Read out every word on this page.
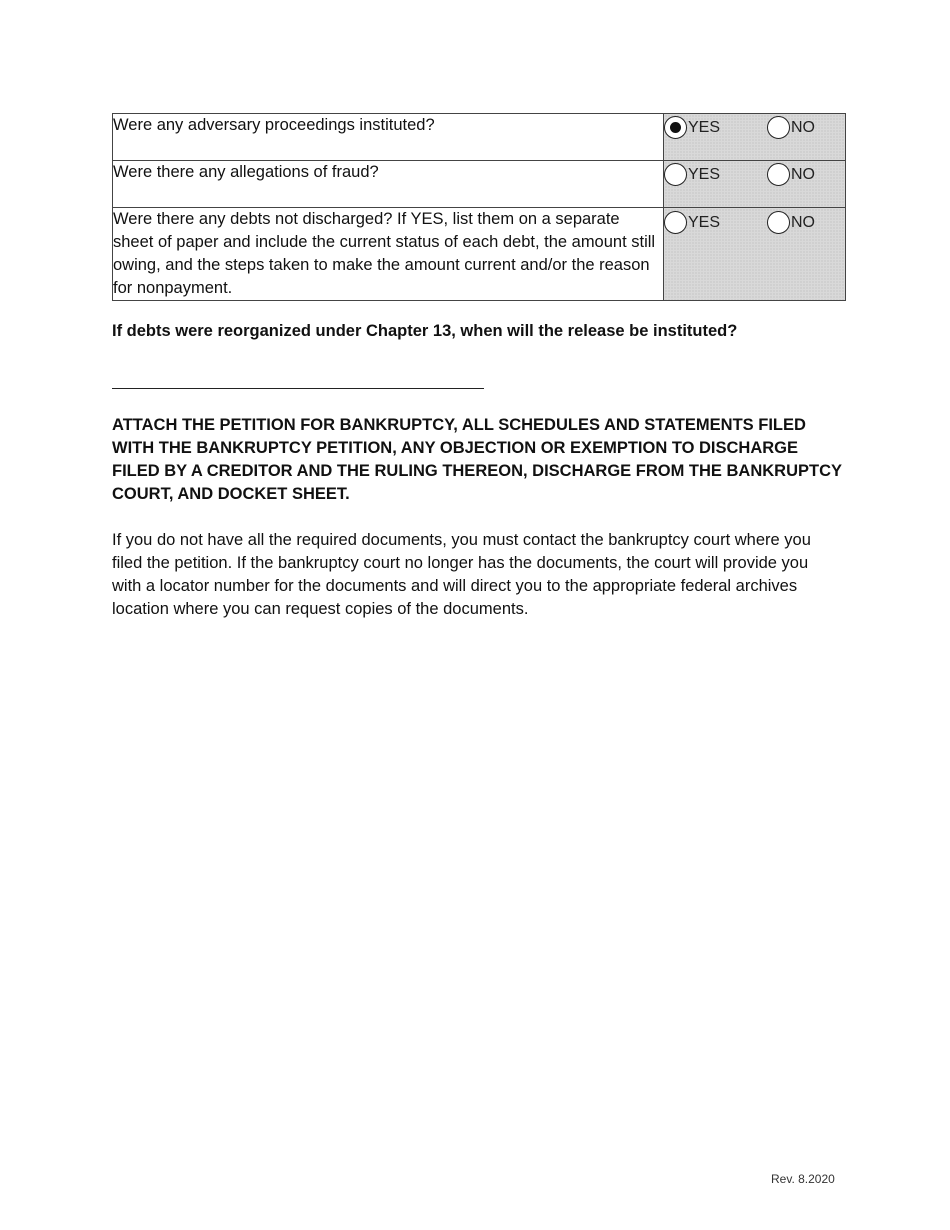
Were any adversary proceedings instituted?	YES NO

Were there any allegations of fraud?	YES NO

Were there any debts not discharged? If YES, list them on a separate sheet of paper and include the current status of each debt, the amount still owing, and the steps taken to make the amount current and/or the reason for nonpayment.	YES NO
If debts were reorganized under Chapter 13, when will the release be instituted?
ATTACH THE PETITION FOR BANKRUPTCY, ALL SCHEDULES AND STATEMENTS FILED WITH THE BANKRUPTCY PETITION, ANY OBJECTION OR EXEMPTION TO DISCHARGE FILED BY A CREDITOR AND THE RULING THEREON, DISCHARGE FROM THE BANKRUPTCY COURT, AND DOCKET SHEET.
If you do not have all the required documents, you must contact the bankruptcy court where you filed the petition. If the bankruptcy court no longer has the documents, the court will provide you with a locator number for the documents and will direct you to the appropriate federal archives location where you can request copies of the documents.
Rev. 8.2020
